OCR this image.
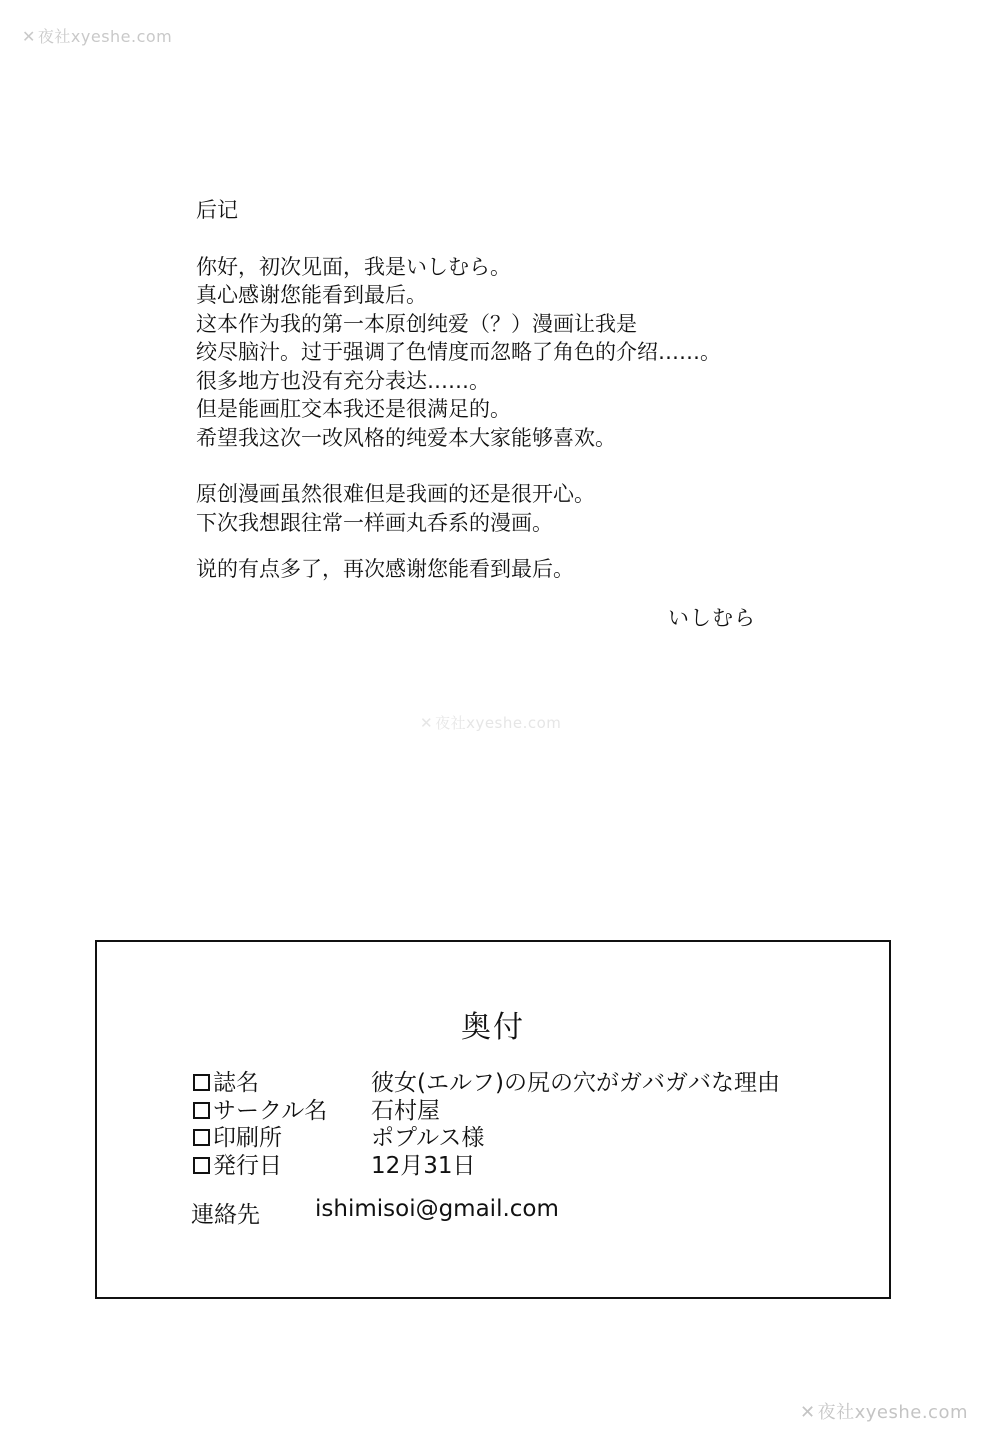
✕ 夜社xyeshe.com
✕ 夜社xyeshe.com
✕ 夜社xyeshe.com
后记
你好，初次见面，我是いしむら。
真心感谢您能看到最后。
这本作为我的第一本原创纯爱（？）漫画让我是
绞尽脑汁。过于强调了色情度而忽略了角色的介绍……。
很多地方也没有充分表达……。
但是能画肛交本我还是很满足的。
希望我这次一改风格的纯爱本大家能够喜欢。
原创漫画虽然很难但是我画的还是很开心。
下次我想跟往常一样画丸呑系的漫画。
说的有点多了，再次感谢您能看到最后。
いしむら
奥付
誌名	彼女(エルフ)の尻の穴がガバガバな理由
サークル名	石村屋
印刷所	ポプルス様
発行日	12月31日
連絡先	ishimisoi@gmail.com
